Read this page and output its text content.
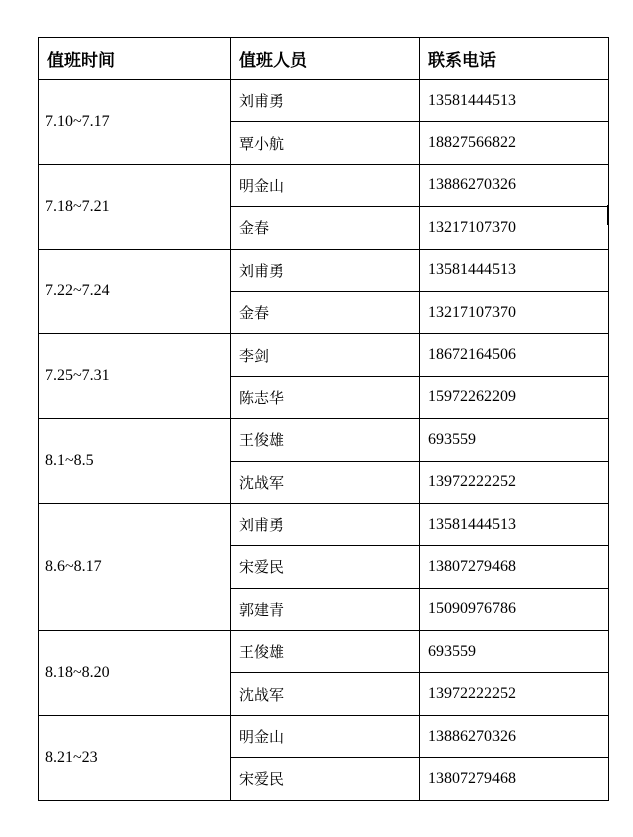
值班时间	值班人员	联系电话
7.10~7.17	刘甫勇	13581444513
	覃小航	18827566822
7.18~7.21	明金山	13886270326
	金春	13217107370
7.22~7.24	刘甫勇	13581444513
	金春	13217107370
7.25~7.31	李剑	18672164506
	陈志华	15972262209
8.1~8.5	王俊雄	693559
	沈战军	13972222252
8.6~8.17	刘甫勇	13581444513
	宋爱民	13807279468
	郭建青	15090976786
8.18~8.20	王俊雄	693559
	沈战军	13972222252
8.21~23	明金山	13886270326
	宋爱民	13807279468
